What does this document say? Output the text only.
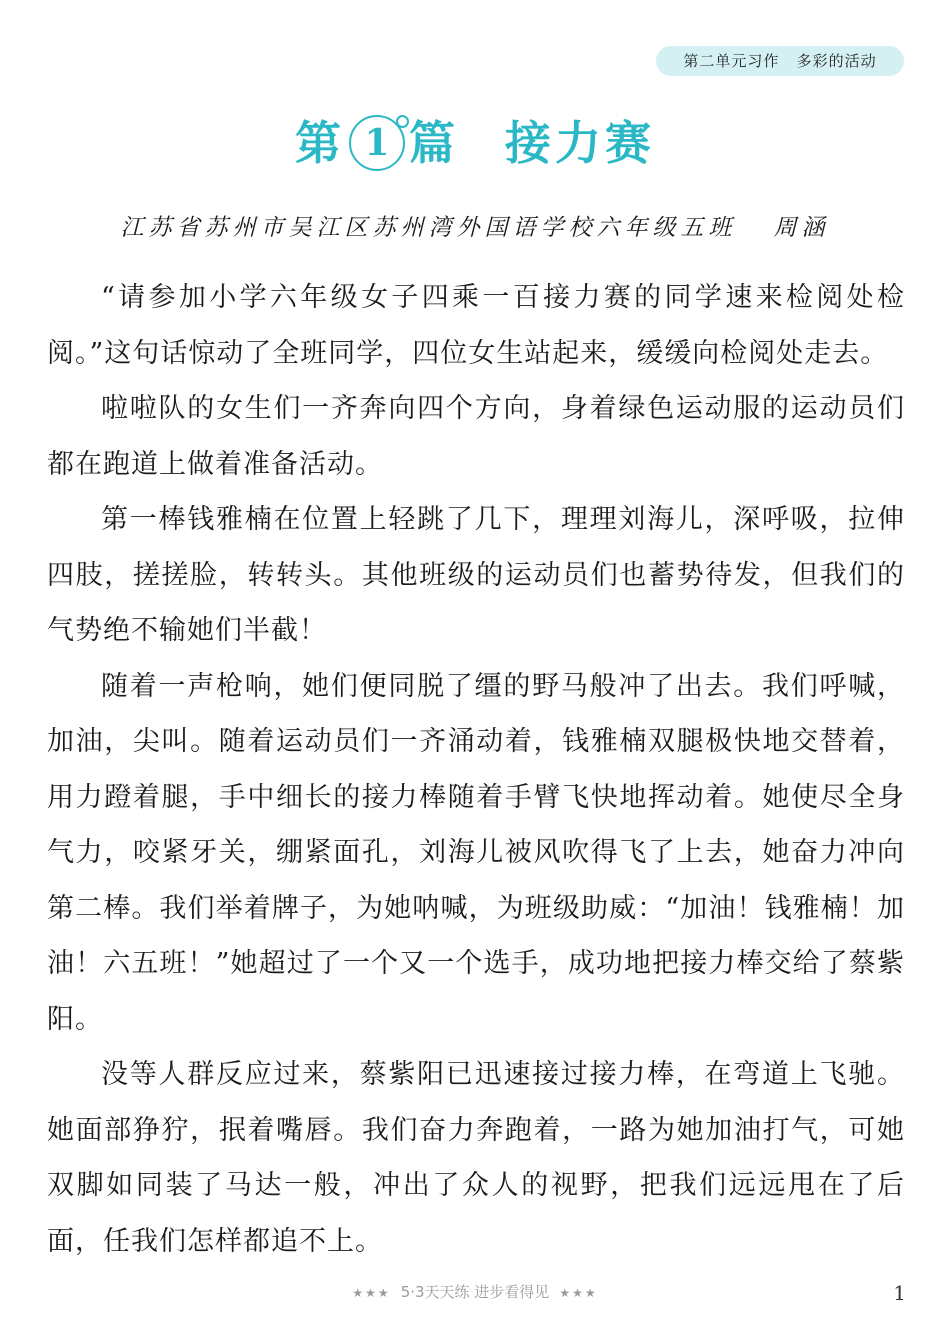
第二单元习作   多彩的活动
第 1 篇 接力赛
江苏省苏州市吴江区苏州湾外国语学校六年级五班   周涵

“请参加小学六年级女子四乘一百接力赛的同学速来检阅处检阅。”这句话惊动了全班同学，四位女生站起来，缓缓向检阅处走去。

啦啦队的女生们一齐奔向四个方向，身着绿色运动服的运动员们都在跑道上做着准备活动。

第一棒钱雅楠在位置上轻跳了几下，理理刘海儿，深呼吸，拉伸四肢，搓搓脸，转转头。其他班级的运动员们也蓄势待发，但我们的气势绝不输她们半截！

随着一声枪响，她们便同脱了缰的野马般冲了出去。我们呼喊，加油，尖叫。随着运动员们一齐涌动着，钱雅楠双腿极快地交替着，用力蹬着腿，手中细长的接力棒随着手臂飞快地挥动着。她使尽全身气力，咬紧牙关，绷紧面孔，刘海儿被风吹得飞了上去，她奋力冲向第二棒。我们举着牌子，为她呐喊，为班级助威：“加油！钱雅楠！加油！六五班！”她超过了一个又一个选手，成功地把接力棒交给了蔡紫阳。

没等人群反应过来，蔡紫阳已迅速接过接力棒，在弯道上飞驰。她面部狰狞，抿着嘴唇。我们奋力奔跑着，一路为她加油打气，可她双脚如同装了马达一般，冲出了众人的视野，把我们远远甩在了后面，任我们怎样都追不上。

★★★ 5·3天天练 进步看得见 ★★★	1
